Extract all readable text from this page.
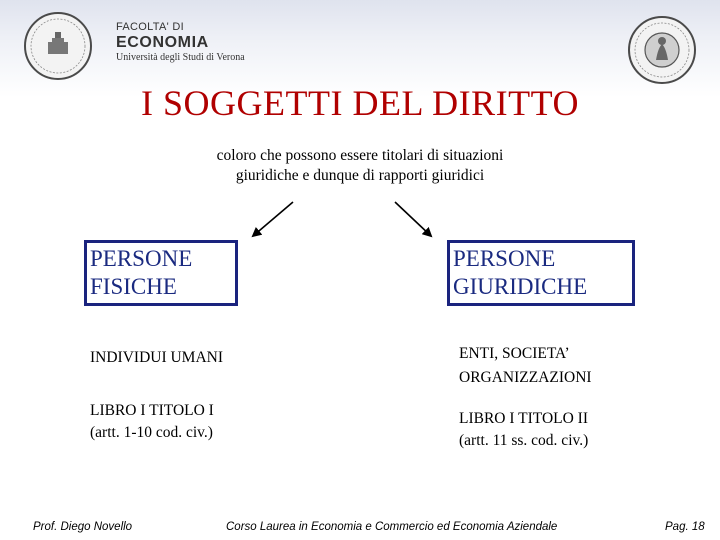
FACOLTA' DI
ECONOMIA
Università degli Studi di Verona
I SOGGETTI DEL DIRITTO
coloro che possono essere titolari di situazioni
giuridiche e dunque di rapporti giuridici
PERSONE
FISICHE
PERSONE
GIURIDICHE
INDIVIDUI UMANI
LIBRO I TITOLO I
(artt. 1-10 cod. civ.)
ENTI, SOCIETA’
ORGANIZZAZIONI
LIBRO I TITOLO II
(artt. 11 ss. cod. civ.)
Prof. Diego Novello	Corso Laurea in Economia e Commercio ed Economia Aziendale	Pag. 18
